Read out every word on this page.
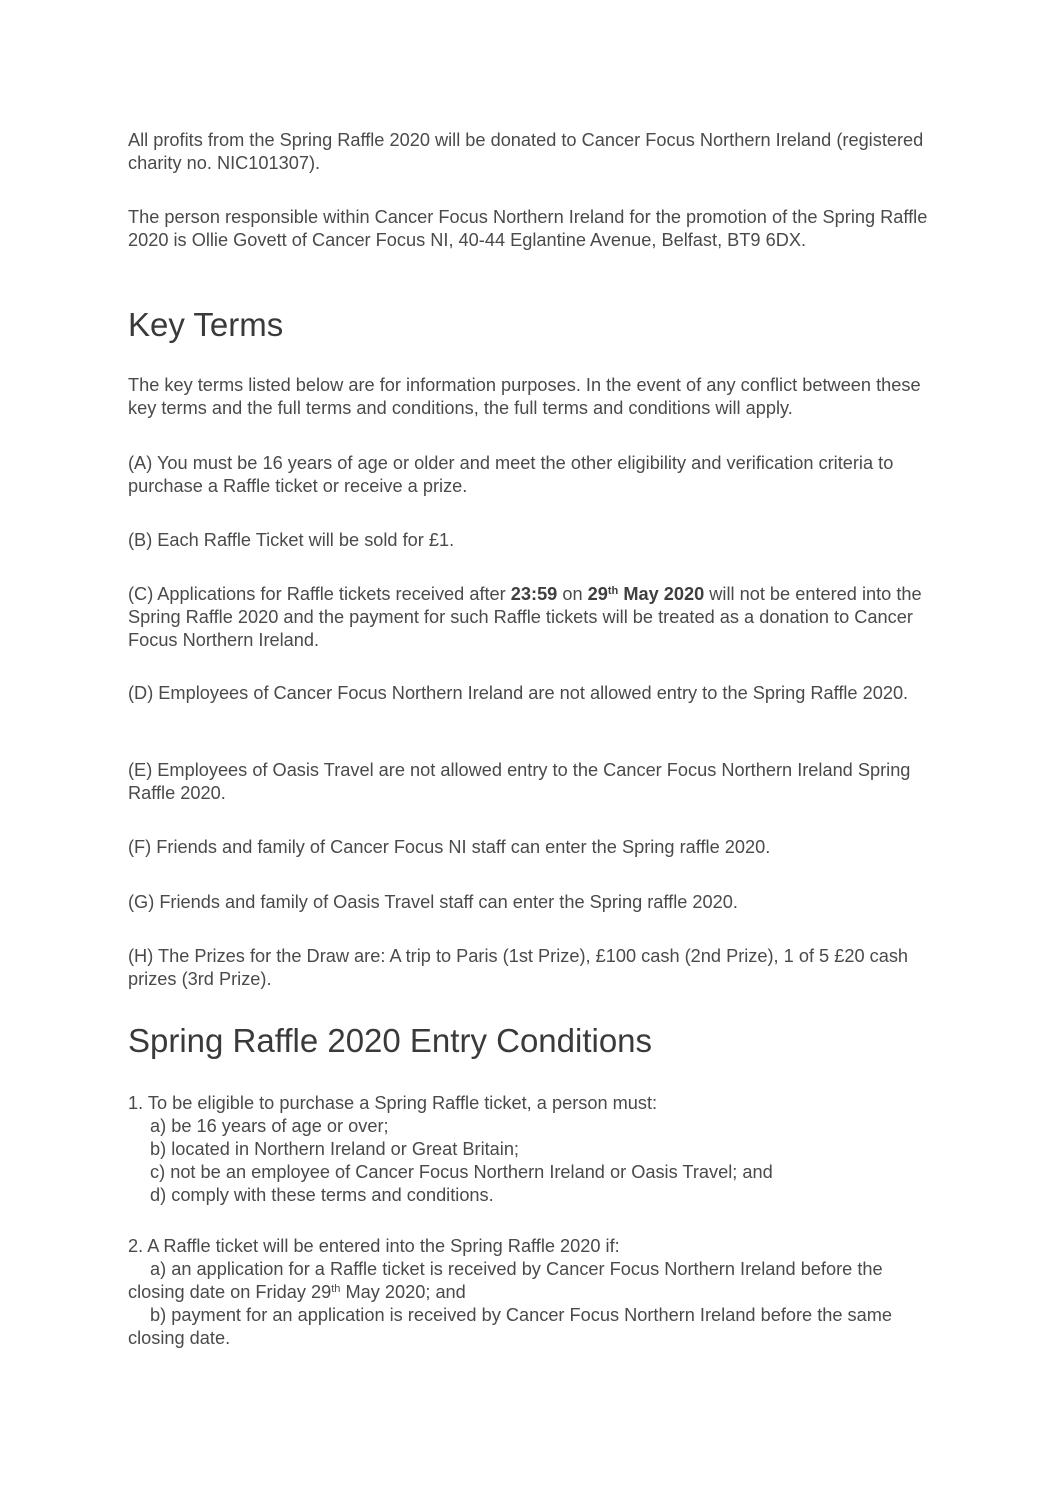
All profits from the Spring Raffle 2020 will be donated to Cancer Focus Northern Ireland (registered charity no. NIC101307).

The person responsible within Cancer Focus Northern Ireland for the promotion of the Spring Raffle 2020 is Ollie Govett of Cancer Focus NI, 40-44 Eglantine Avenue, Belfast, BT9 6DX.

Key Terms

The key terms listed below are for information purposes. In the event of any conflict between these key terms and the full terms and conditions, the full terms and conditions will apply.

(A) You must be 16 years of age or older and meet the other eligibility and verification criteria to purchase a Raffle ticket or receive a prize.

(B) Each Raffle Ticket will be sold for £1.

(C) Applications for Raffle tickets received after 23:59 on 29th May 2020 will not be entered into the Spring Raffle 2020 and the payment for such Raffle tickets will be treated as a donation to Cancer Focus Northern Ireland.

(D) Employees of Cancer Focus Northern Ireland are not allowed entry to the Spring Raffle 2020.

(E) Employees of Oasis Travel are not allowed entry to the Cancer Focus Northern Ireland Spring Raffle 2020.

(F) Friends and family of Cancer Focus NI staff can enter the Spring raffle 2020.

(G) Friends and family of Oasis Travel staff can enter the Spring raffle 2020.

(H) The Prizes for the Draw are: A trip to Paris (1st Prize), £100 cash (2nd Prize), 1 of 5 £20 cash prizes (3rd Prize).

Spring Raffle 2020 Entry Conditions
1. To be eligible to purchase a Spring Raffle ticket, a person must:
a) be 16 years of age or over;
b) located in Northern Ireland or Great Britain;
c) not be an employee of Cancer Focus Northern Ireland or Oasis Travel; and
d) comply with these terms and conditions.
2. A Raffle ticket will be entered into the Spring Raffle 2020 if:
a) an application for a Raffle ticket is received by Cancer Focus Northern Ireland before the closing date on Friday 29th May 2020; and
b) payment for an application is received by Cancer Focus Northern Ireland before the same closing date.
